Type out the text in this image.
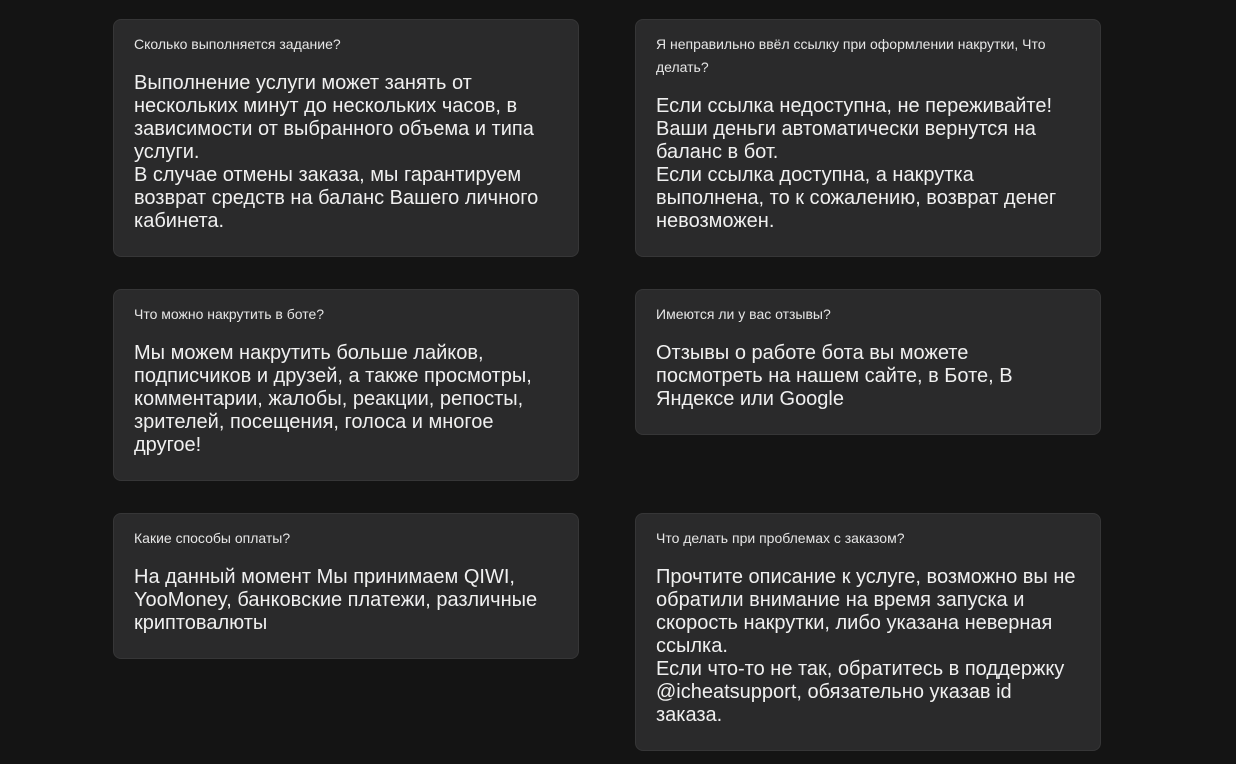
Сколько выполняется задание?

Выполнение услуги может занять от нескольких минут до нескольких часов, в зависимости от выбранного объема и типа услуги.
В случае отмены заказа, мы гарантируем возврат средств на баланс Вашего личного кабинета.

Я неправильно ввёл ссылку при оформлении накрутки, Что делать?

Если ссылка недоступна, не переживайте! Ваши деньги автоматически вернутся на баланс в бот.
Если ссылка доступна, а накрутка выполнена, то к сожалению, возврат денег невозможен.

Что можно накрутить в боте?

Мы можем накрутить больше лайков, подписчиков и друзей, а также просмотры, комментарии, жалобы, реакции, репосты, зрителей, посещения, голоса и многое другое!

Имеются ли у вас отзывы?

Отзывы о работе бота вы можете посмотреть на нашем сайте, в Боте, В Яндексе или Google

Какие способы оплаты?

На данный момент Мы принимаем QIWI, YooMoney, банковские платежи, различные криптовалюты

Что делать при проблемах с заказом?

Прочтите описание к услуге, возможно вы не обратили внимание на время запуска и скорость накрутки, либо указана неверная ссылка.
Если что-то не так, обратитесь в поддержку @icheatsupport, обязательно указав id заказа.
